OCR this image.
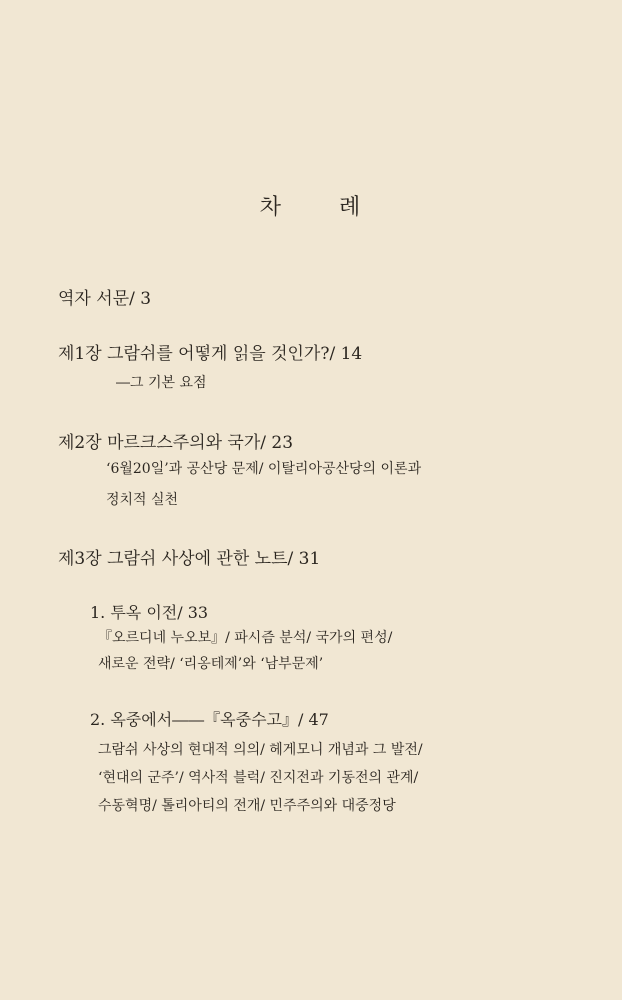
차	례
역자 서문/ 3
제1장 그람쉬를 어떻게 읽을 것인가?/ 14
―그 기본 요점
제2장 마르크스주의와 국가/ 23
‘6월20일’과 공산당 문제/ 이탈리아공산당의 이론과
정치적 실천
제3장 그람쉬 사상에 관한 노트/ 31
1. 투옥 이전/ 33
『오르디네 누오보』/ 파시즘 분석/ 국가의 편성/
새로운 전략/ ‘리옹테제’와 ‘남부문제’
2. 옥중에서――『옥중수고』/ 47
그람쉬 사상의 현대적 의의/ 헤게모니 개념과 그 발전/
‘현대의 군주’/ 역사적 블럭/ 진지전과 기동전의 관계/
수동혁명/ 톨리아티의 전개/ 민주주의와 대중정당
